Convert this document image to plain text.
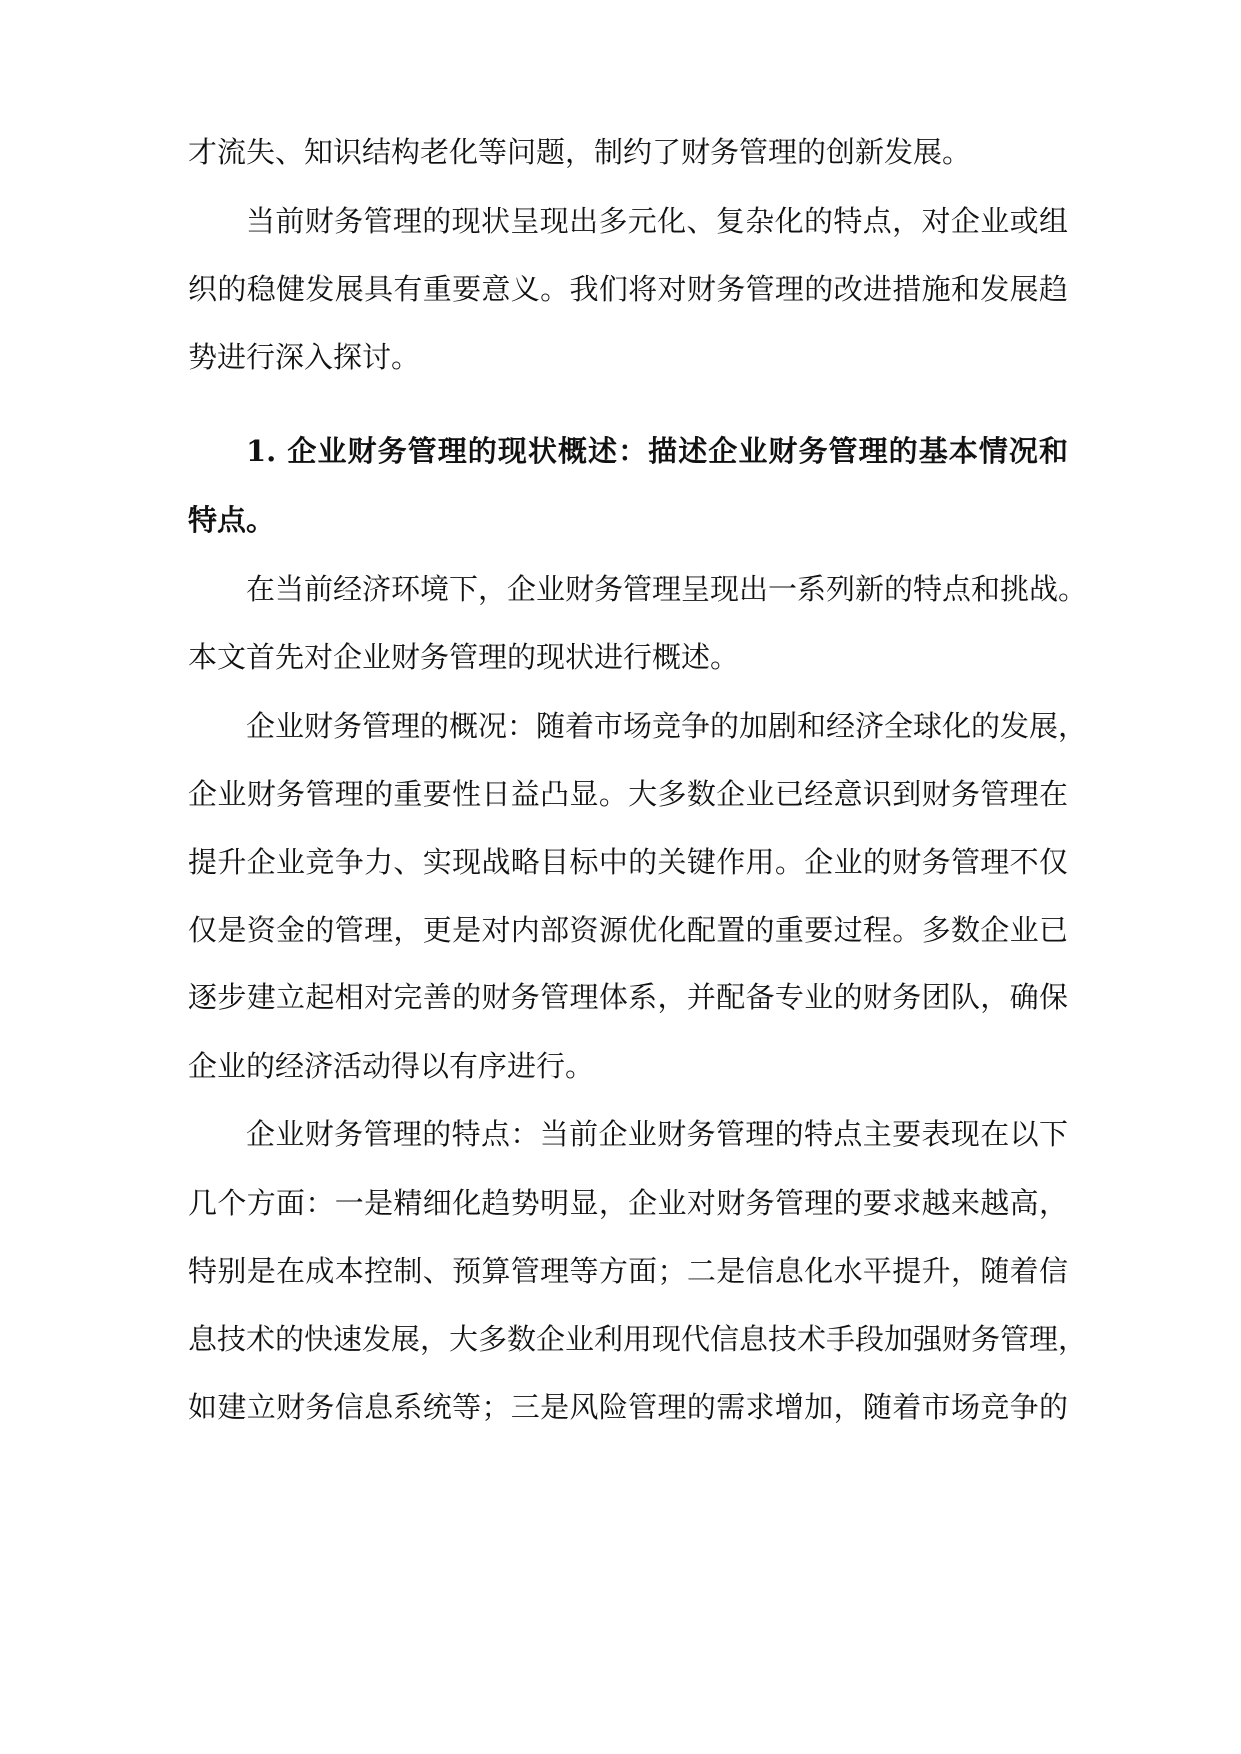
才流失、知识结构老化等问题，制约了财务管理的创新发展。
当前财务管理的现状呈现出多元化、复杂化的特点，对企业或组
织的稳健发展具有重要意义。我们将对财务管理的改进措施和发展趋
势进行深入探讨。
1. 企业财务管理的现状概述：描述企业财务管理的基本情况和
特点。
在当前经济环境下，企业财务管理呈现出一系列新的特点和挑战。
本文首先对企业财务管理的现状进行概述。
企业财务管理的概况：随着市场竞争的加剧和经济全球化的发展，
企业财务管理的重要性日益凸显。大多数企业已经意识到财务管理在
提升企业竞争力、实现战略目标中的关键作用。企业的财务管理不仅
仅是资金的管理，更是对内部资源优化配置的重要过程。多数企业已
逐步建立起相对完善的财务管理体系，并配备专业的财务团队，确保
企业的经济活动得以有序进行。
企业财务管理的特点：当前企业财务管理的特点主要表现在以下
几个方面：一是精细化趋势明显，企业对财务管理的要求越来越高，
特别是在成本控制、预算管理等方面；二是信息化水平提升，随着信
息技术的快速发展，大多数企业利用现代信息技术手段加强财务管理，
如建立财务信息系统等；三是风险管理的需求增加，随着市场竞争的
